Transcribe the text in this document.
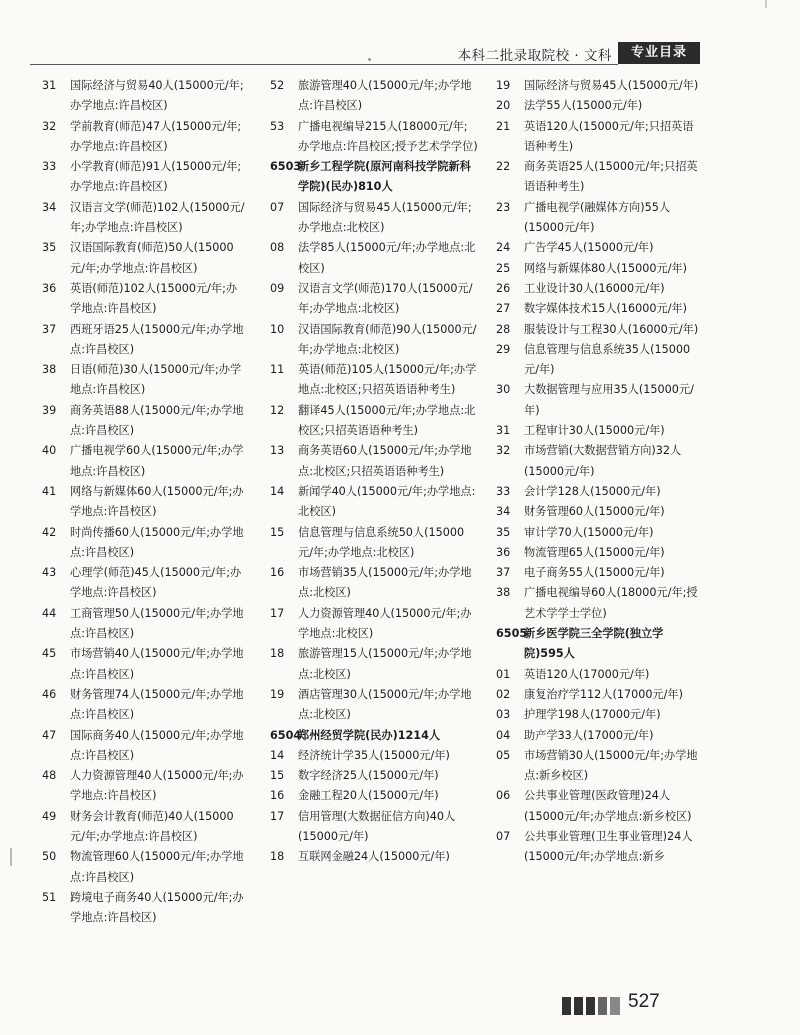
本科二批录取院校 · 文科	专业目录
31	国际经济与贸易40人(15000元/年;办学地点:许昌校区)
32	学前教育(师范)47人(15000元/年;办学地点:许昌校区)
33	小学教育(师范)91人(15000元/年;办学地点:许昌校区)
34	汉语言文学(师范)102人(15000元/年;办学地点:许昌校区)
35	汉语国际教育(师范)50人(15000元/年;办学地点:许昌校区)
36	英语(师范)102人(15000元/年;办学地点:许昌校区)
37	西班牙语25人(15000元/年;办学地点:许昌校区)
38	日语(师范)30人(15000元/年;办学地点:许昌校区)
39	商务英语88人(15000元/年;办学地点:许昌校区)
40	广播电视学60人(15000元/年;办学地点:许昌校区)
41	网络与新媒体60人(15000元/年;办学地点:许昌校区)
42	时尚传播60人(15000元/年;办学地点:许昌校区)
43	心理学(师范)45人(15000元/年;办学地点:许昌校区)
44	工商管理50人(15000元/年;办学地点:许昌校区)
45	市场营销40人(15000元/年;办学地点:许昌校区)
46	财务管理74人(15000元/年;办学地点:许昌校区)
47	国际商务40人(15000元/年;办学地点:许昌校区)
48	人力资源管理40人(15000元/年;办学地点:许昌校区)
49	财务会计教育(师范)40人(15000元/年;办学地点:许昌校区)
50	物流管理60人(15000元/年;办学地点:许昌校区)
51	跨境电子商务40人(15000元/年;办学地点:许昌校区)
52	旅游管理40人(15000元/年;办学地点:许昌校区)
53	广播电视编导215人(18000元/年;办学地点:许昌校区;授予艺术学学位)
6503
新乡工程学院(原河南科技学院新科学院)(民办)810人
07	国际经济与贸易45人(15000元/年;办学地点:北校区)
08	法学85人(15000元/年;办学地点:北校区)
09	汉语言文学(师范)170人(15000元/年;办学地点:北校区)
10	汉语国际教育(师范)90人(15000元/年;办学地点:北校区)
11	英语(师范)105人(15000元/年;办学地点:北校区;只招英语语种考生)
12	翻译45人(15000元/年;办学地点:北校区;只招英语语种考生)
13	商务英语60人(15000元/年;办学地点:北校区;只招英语语种考生)
14	新闻学40人(15000元/年;办学地点:北校区)
15	信息管理与信息系统50人(15000元/年;办学地点:北校区)
16	市场营销35人(15000元/年;办学地点:北校区)
17	人力资源管理40人(15000元/年;办学地点:北校区)
18	旅游管理15人(15000元/年;办学地点:北校区)
19	酒店管理30人(15000元/年;办学地点:北校区)
6504
郑州经贸学院(民办)1214人
14	经济统计学35人(15000元/年)
15	数字经济25人(15000元/年)
16	金融工程20人(15000元/年)
17	信用管理(大数据征信方向)40人(15000元/年)
18	互联网金融24人(15000元/年)
19	国际经济与贸易45人(15000元/年)
20	法学55人(15000元/年)
21	英语120人(15000元/年;只招英语语种考生)
22	商务英语25人(15000元/年;只招英语语种考生)
23	广播电视学(融媒体方向)55人(15000元/年)
24	广告学45人(15000元/年)
25	网络与新媒体80人(15000元/年)
26	工业设计30人(16000元/年)
27	数字媒体技术15人(16000元/年)
28	服装设计与工程30人(16000元/年)
29	信息管理与信息系统35人(15000元/年)
30	大数据管理与应用35人(15000元/年)
31	工程审计30人(15000元/年)
32	市场营销(大数据营销方向)32人(15000元/年)
33	会计学128人(15000元/年)
34	财务管理60人(15000元/年)
35	审计学70人(15000元/年)
36	物流管理65人(15000元/年)
37	电子商务55人(15000元/年)
38	广播电视编导60人(18000元/年;授艺术学学士学位)
6505
新乡医学院三全学院(独立学院)595人
01	英语120人(17000元/年)
02	康复治疗学112人(17000元/年)
03	护理学198人(17000元/年)
04	助产学33人(17000元/年)
05	市场营销30人(15000元/年;办学地点:新乡校区)
06	公共事业管理(医政管理)24人(15000元/年;办学地点:新乡校区)
07	公共事业管理(卫生事业管理)24人(15000元/年;办学地点:新乡
527
